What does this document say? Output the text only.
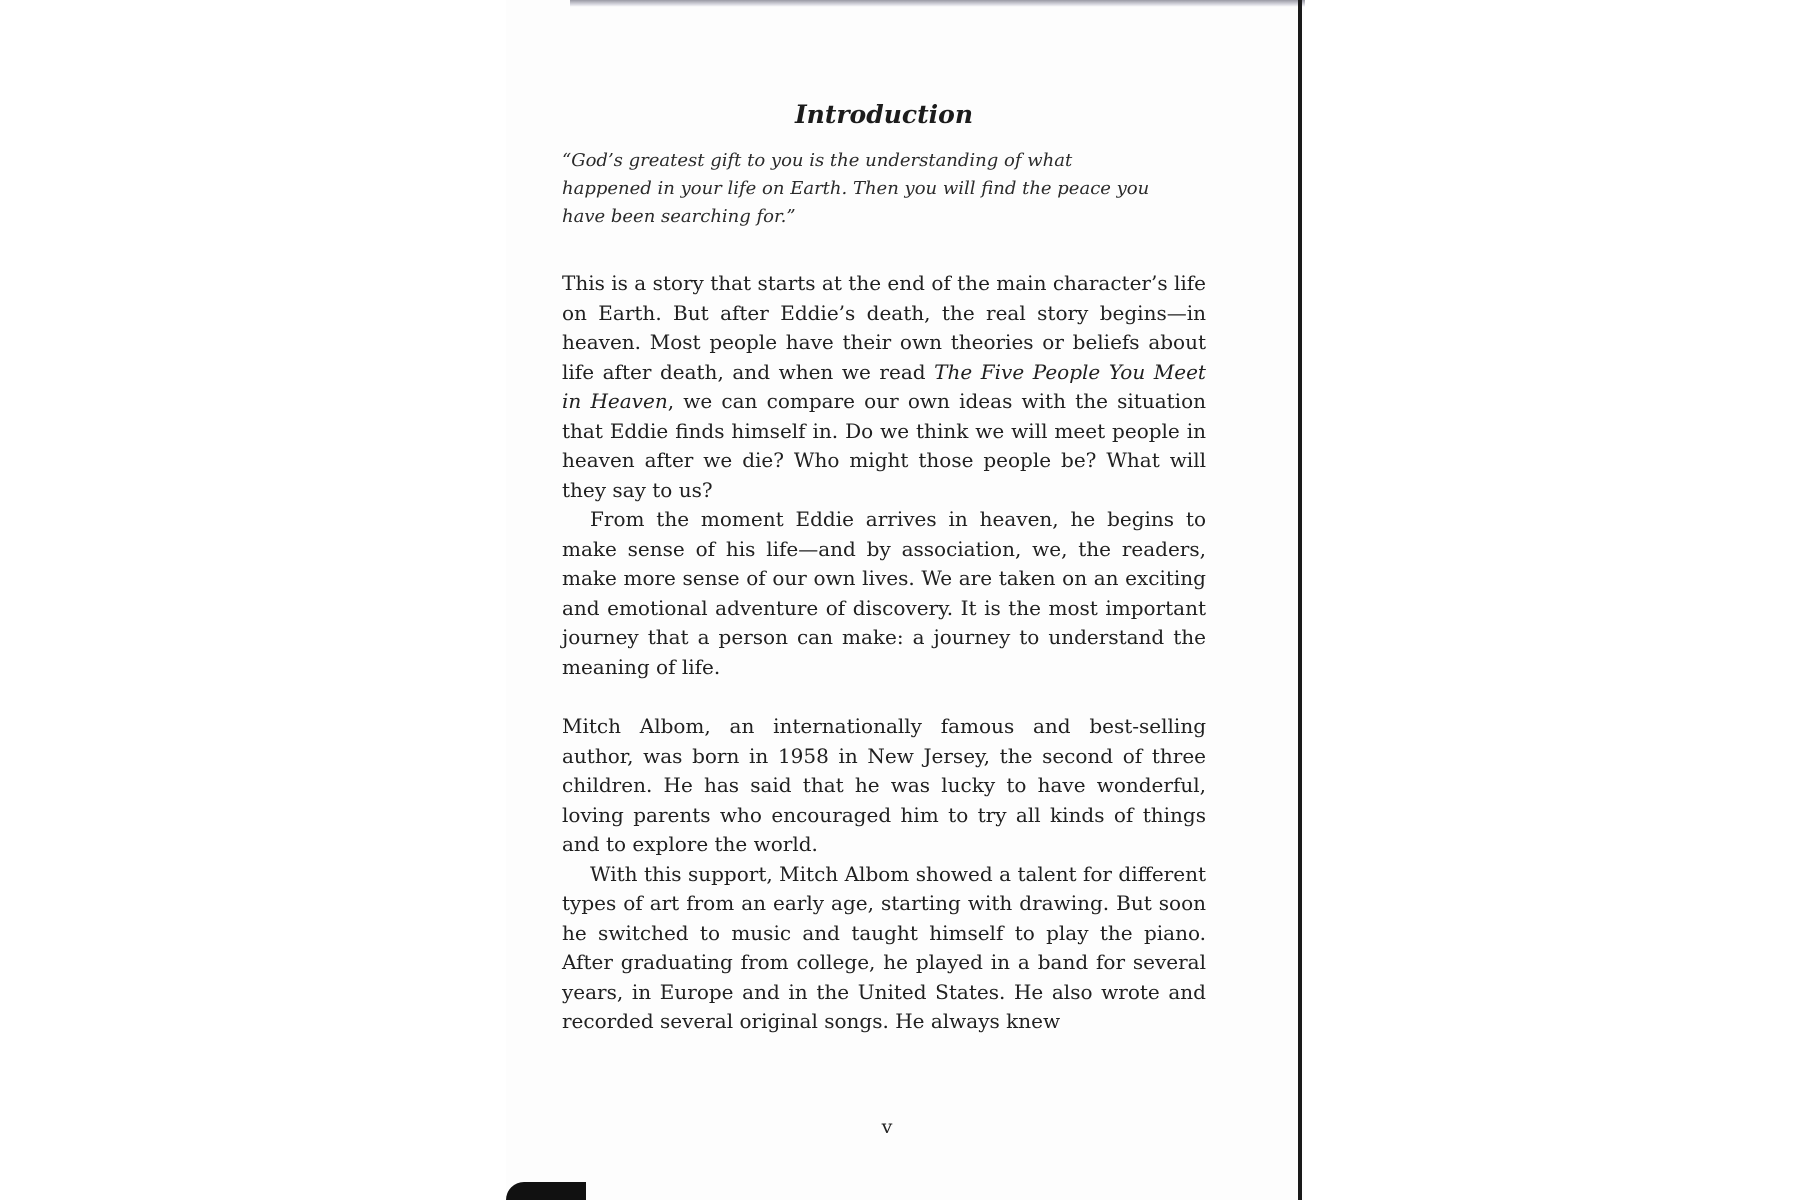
Introduction

“God’s greatest gift to you is the understanding of what happened in your life on Earth. Then you will find the peace you have been searching for.”

This is a story that starts at the end of the main character’s life on Earth. But after Eddie’s death, the real story begins—in heaven. Most people have their own theories or beliefs about life after death, and when we read The Five People You Meet in Heaven, we can compare our own ideas with the situation that Eddie finds himself in. Do we think we will meet people in heaven after we die? Who might those people be? What will they say to us?

From the moment Eddie arrives in heaven, he begins to make sense of his life—and by association, we, the readers, make more sense of our own lives. We are taken on an exciting and emotional adventure of discovery. It is the most important journey that a person can make: a journey to understand the meaning of life.

Mitch Albom, an internationally famous and best-selling author, was born in 1958 in New Jersey, the second of three children. He has said that he was lucky to have wonderful, loving parents who encouraged him to try all kinds of things and to explore the world.

With this support, Mitch Albom showed a talent for different types of art from an early age, starting with drawing. But soon he switched to music and taught himself to play the piano. After graduating from college, he played in a band for several years, in Europe and in the United States. He also wrote and recorded several original songs. He always knew

v
